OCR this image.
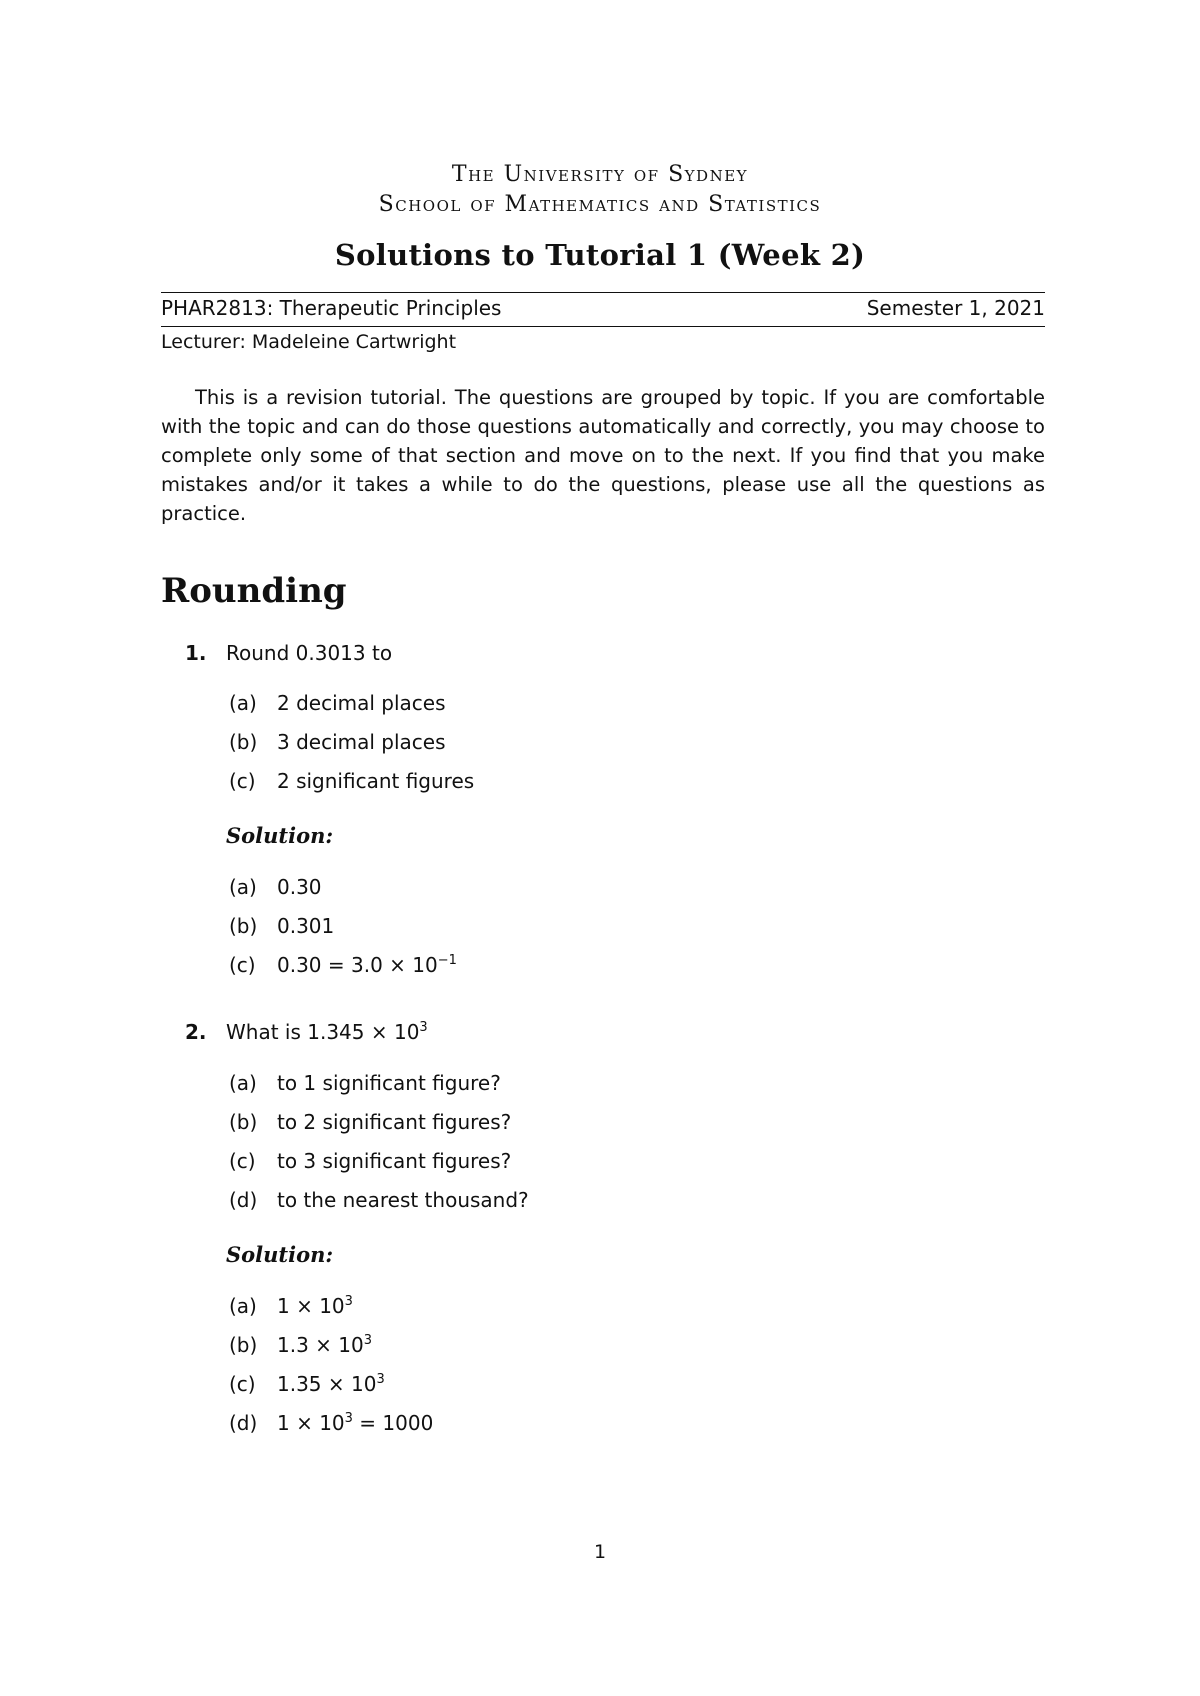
The University of Sydney
School of Mathematics and Statistics
Solutions to Tutorial 1 (Week 2)
PHAR2813: Therapeutic Principles	Semester 1, 2021
Lecturer: Madeleine Cartwright

This is a revision tutorial. The questions are grouped by topic. If you are comfortable with the topic and can do those questions automatically and correctly, you may choose to complete only some of that section and move on to the next. If you find that you make mistakes and/or it takes a while to do the questions, please use all the questions as practice.

Rounding
1. Round 0.3013 to
(a) 2 decimal places
(b) 3 decimal places
(c) 2 significant figures
Solution:
(a) 0.30
(b) 0.301
(c) $0.30 = 3.0 \times 10^{-1}$
2. What is $1.345 \times 10^3$
(a) to 1 significant figure?
(b) to 2 significant figures?
(c) to 3 significant figures?
(d) to the nearest thousand?
Solution:
(a) $1 \times 10^3$
(b) $1.3 \times 10^3$
(c) $1.35 \times 10^3$
(d) $1 \times 10^3 = 1000$
1
